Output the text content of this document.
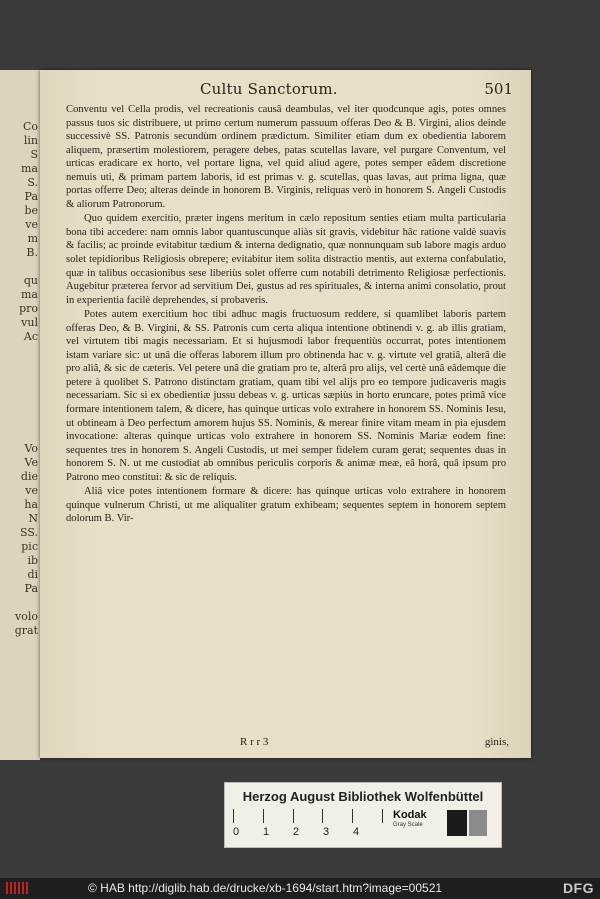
Co
lin
S
ma
S.
Pa
be
ve
m
B.
qu
ma
pro
vul
Ac
Vo
Ve
die
ve
ha
N
SS.
pic
ib
di
Pa
volo
grat
Cultu Sanctorum.	501

Conventu vel Cella prodis, vel recreationis causâ deambulas, vel iter quodcunque agis, potes omnes passus tuos sic distribuere, ut primo certum numerum passuum offeras Deo & B. Virgini, alios deinde successivè SS. Patronis secundùm ordinem prædictum. Similiter etiam dum ex obedientia laborem aliquem, præsertim molestiorem, peragere debes, patas scutellas lavare, vel purgare Conventum, vel urticas eradicare ex horto, vel portare ligna, vel quid aliud agere, potes semper eâdem discretione nemuis uti, & primam partem laboris, id est primas v. g. scutellas, quas lavas, aut prima ligna, quæ portas offerre Deo; alteras deinde in honorem B. Virginis, reliquas verò in honorem S. Angeli Custodis & aliorum Patronorum.

Quo quidem exercitio, præter ingens meritum in cælo repositum senties etiam multa particularia bona tibi accedere: nam omnis labor quantuscunque aliàs sit gravis, videbitur hâc ratione valdè suavis & facilis; ac proinde evitabitur tædium & interna dedignatio, quæ nonnunquam sub labore magis arduo solet tepidioribus Religiosis obrepere; evitabitur item solita distractio mentis, aut externa confabulatio, quæ in talibus occasionibus sese liberiùs solet offerre cum notabili detrimento Religiosæ perfectionis. Augebitur præterea fervor ad servitium Dei, gustus ad res spirituales, & interna animi consolatio, prout in experientia facilè deprehendes, si probaveris.

Potes autem exercitium hoc tibi adhuc magis fructuosum reddere, si quamlibet laboris partem offeras Deo, & B. Virgini, & SS. Patronis cum certa aliqua intentione obtinendi v. g. ab illis gratiam, vel virtutem tibi magis necessariam. Et si hujusmodi labor frequentiùs occurrat, potes intentionem istam variare sic: ut unâ die offeras laborem illum pro obtinenda hac v. g. virtute vel gratiâ, alterâ die pro aliâ, & sic de cæteris. Vel petere unâ die gratiam pro te, alterâ pro alijs, vel certè unâ eâdemque die petere à quolibet S. Patrono distinctam gratiam, quam tibi vel alijs pro eo tempore judicaveris magis necessariam. Sic si ex obedientiæ jussu debeas v. g. urticas sæpiùs in horto eruncare, potes primâ vice formare intentionem talem, & dicere, has quinque urticas volo extrahere in honorem SS. Nominis Iesu, ut obtineam à Deo perfectum amorem hujus SS. Nominis, & merear finire vitam meam in pia ejusdem invocatione: alteras quinque urticas volo extrahere in honorem SS. Nominis Mariæ eodem fine: sequentes tres in honorem S. Angeli Custodis, ut mei semper fidelem curam gerat; sequentes duas in honorem S. N. ut me custodiat ab omnibus periculis corporis & animæ meæ, eâ horâ, quâ ipsum pro Patrono meo constitui: & sic de reliquis.

Aliâ vice potes intentionem formare & dicere: has quinque urticas volo extrahere in honorem quinque vulnerum Christi, ut me aliqualiter gratum exhibeam; sequentes septem in honorem septem dolorum B. Vir-

R r r 3	ginis,
Herzog August Bibliothek Wolfenbüttel
0	1	2	3	4
Kodak
Gray Scale
© HAB http://diglib.hab.de/drucke/xb-1694/start.htm?image=00521	DFG
